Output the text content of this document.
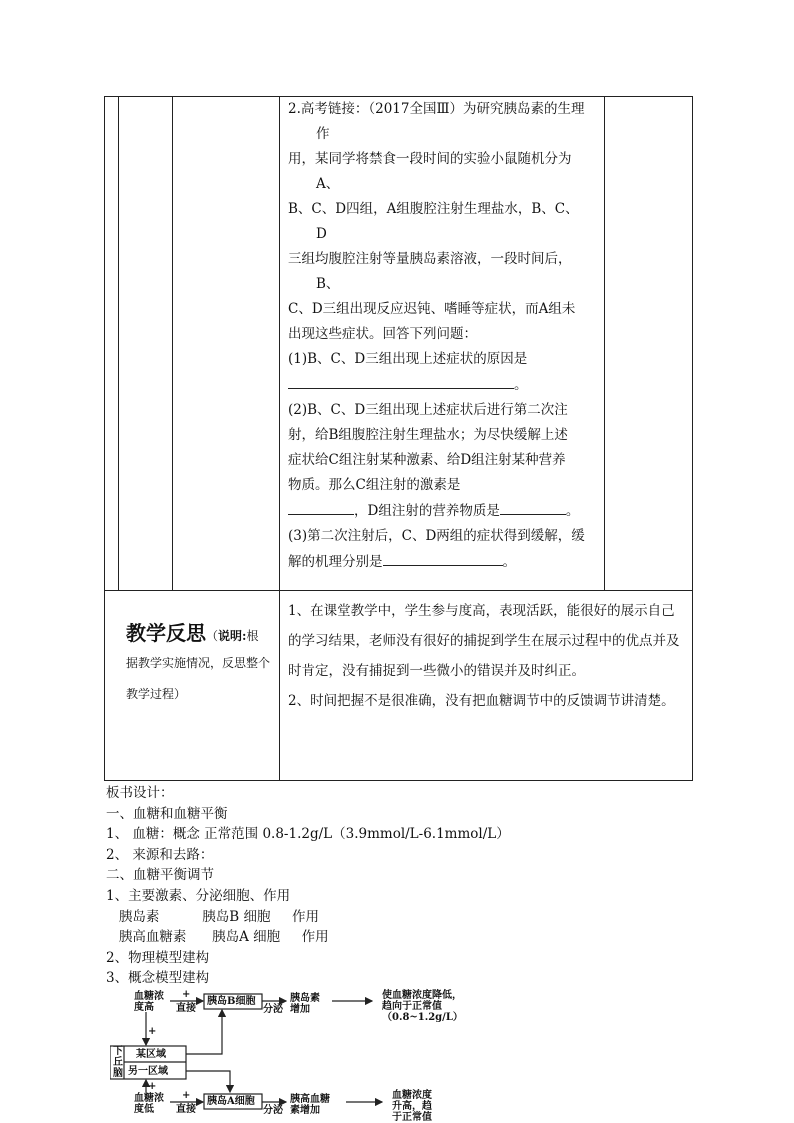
2.高考链接：（2017全国Ⅲ）为研究胰岛素的生理
作
用，某同学将禁食一段时间的实验小鼠随机分为
A、
B、C、D四组，A组腹腔注射生理盐水，B、C、
D
三组均腹腔注射等量胰岛素溶液，一段时间后，
B、
C、D三组出现反应迟钝、嗜睡等症状，而A组未
出现这些症状。回答下列问题：
(1)B、C、D三组出现上述症状的原因是
。
(2)B、C、D三组出现上述症状后进行第二次注
射，给B组腹腔注射生理盐水；为尽快缓解上述
症状给C组注射某种激素、给D组注射某种营养
物质。那么C组注射的激素是
，D组注射的营养物质是	。
(3)第二次注射后，C、D两组的症状得到缓解，缓
解的机理分别是	。
教学反思（说明:根
据教学实施情况，反思整个
教学过程）
1、在课堂教学中，学生参与度高，表现活跃，能很好的展示自己的学习结果，老师没有很好的捕捉到学生在展示过程中的优点并及时肯定，没有捕捉到一些微小的错误并及时纠正。
2、时间把握不是很准确，没有把血糖调节中的反馈调节讲清楚。
板书设计：
一、血糖和血糖平衡
1、 血糖：概念 正常范围 0.8-1.2g/L（3.9mmol/L-6.1mmol/L）
2、 来源和去路：
二、血糖平衡调节
1、主要激素、分泌细胞、作用
胰岛素          胰岛B 细胞     作用
胰高血糖素      胰岛A 细胞     作用
2、物理模型建构
3、概念模型建构
血糖浓
度高
+
直接
胰岛B细胞
分泌
胰岛素
增加
使血糖浓度降低，
趋向于正常值
（0.8~1.2g/L）
+
下
丘
脑
某区域
另一区域
+
血糖浓
度低
+
直接
胰岛A细胞
分泌
胰高血糖
素增加
血糖浓度
升高，趋
于正常值
